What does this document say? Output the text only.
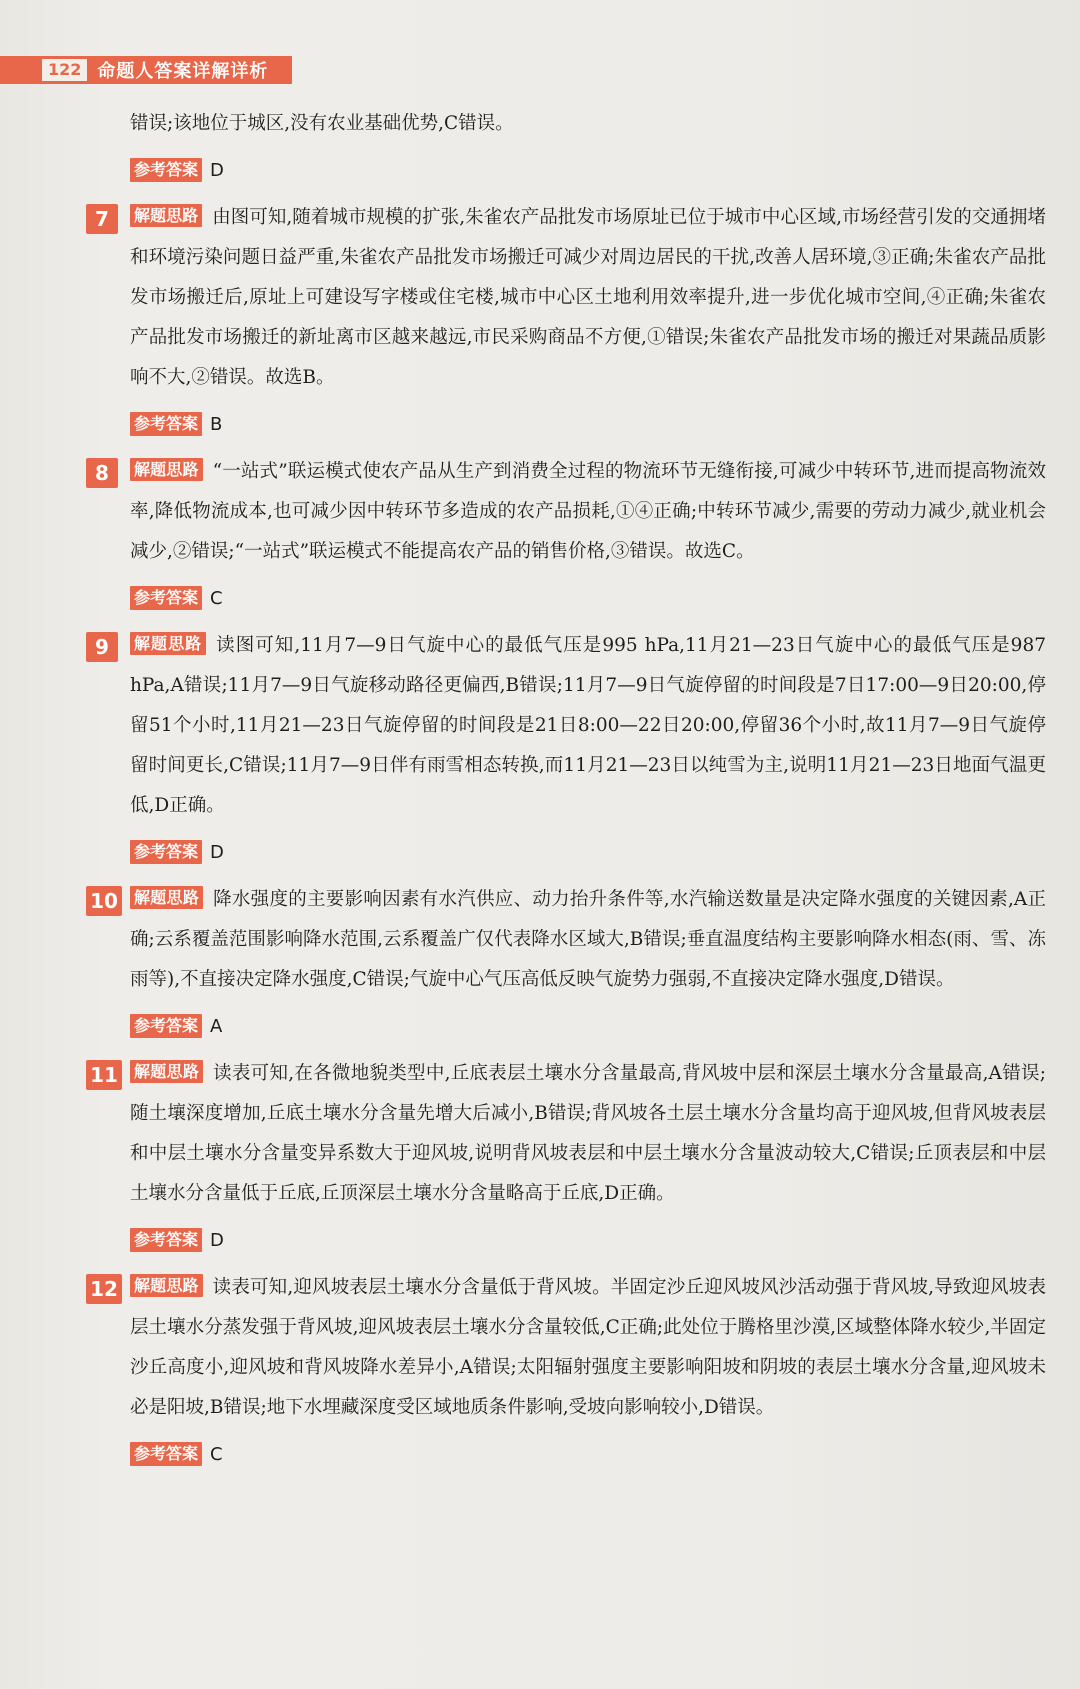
122 命题人答案详解详析
错误;该地位于城区,没有农业基础优势,C错误。
参考答案 D
7	解题思路 由图可知,随着城市规模的扩张,朱雀农产品批发市场原址已位于城市中心区域,市场经营引发的交通拥堵和环境污染问题日益严重,朱雀农产品批发市场搬迁可减少对周边居民的干扰,改善人居环境,③正确;朱雀农产品批发市场搬迁后,原址上可建设写字楼或住宅楼,城市中心区土地利用效率提升,进一步优化城市空间,④正确;朱雀农产品批发市场搬迁的新址离市区越来越远,市民采购商品不方便,①错误;朱雀农产品批发市场的搬迁对果蔬品质影响不大,②错误。故选B。
参考答案 B
8	解题思路 “一站式”联运模式使农产品从生产到消费全过程的物流环节无缝衔接,可减少中转环节,进而提高物流效率,降低物流成本,也可减少因中转环节多造成的农产品损耗,①④正确;中转环节减少,需要的劳动力减少,就业机会减少,②错误;“一站式”联运模式不能提高农产品的销售价格,③错误。故选C。
参考答案 C
9	解题思路 读图可知,11月7—9日气旋中心的最低气压是995 hPa,11月21—23日气旋中心的最低气压是987 hPa,A错误;11月7—9日气旋移动路径更偏西,B错误;11月7—9日气旋停留的时间段是7日17:00—9日20:00,停留51个小时,11月21—23日气旋停留的时间段是21日8:00—22日20:00,停留36个小时,故11月7—9日气旋停留时间更长,C错误;11月7—9日伴有雨雪相态转换,而11月21—23日以纯雪为主,说明11月21—23日地面气温更低,D正确。
参考答案 D
10	解题思路 降水强度的主要影响因素有水汽供应、动力抬升条件等,水汽输送数量是决定降水强度的关键因素,A正确;云系覆盖范围影响降水范围,云系覆盖广仅代表降水区域大,B错误;垂直温度结构主要影响降水相态(雨、雪、冻雨等),不直接决定降水强度,C错误;气旋中心气压高低反映气旋势力强弱,不直接决定降水强度,D错误。
参考答案 A
11	解题思路 读表可知,在各微地貌类型中,丘底表层土壤水分含量最高,背风坡中层和深层土壤水分含量最高,A错误;随土壤深度增加,丘底土壤水分含量先增大后减小,B错误;背风坡各土层土壤水分含量均高于迎风坡,但背风坡表层和中层土壤水分含量变异系数大于迎风坡,说明背风坡表层和中层土壤水分含量波动较大,C错误;丘顶表层和中层土壤水分含量低于丘底,丘顶深层土壤水分含量略高于丘底,D正确。
参考答案 D
12	解题思路 读表可知,迎风坡表层土壤水分含量低于背风坡。半固定沙丘迎风坡风沙活动强于背风坡,导致迎风坡表层土壤水分蒸发强于背风坡,迎风坡表层土壤水分含量较低,C正确;此处位于腾格里沙漠,区域整体降水较少,半固定沙丘高度小,迎风坡和背风坡降水差异小,A错误;太阳辐射强度主要影响阳坡和阴坡的表层土壤水分含量,迎风坡未必是阳坡,B错误;地下水埋藏深度受区域地质条件影响,受坡向影响较小,D错误。
参考答案 C
